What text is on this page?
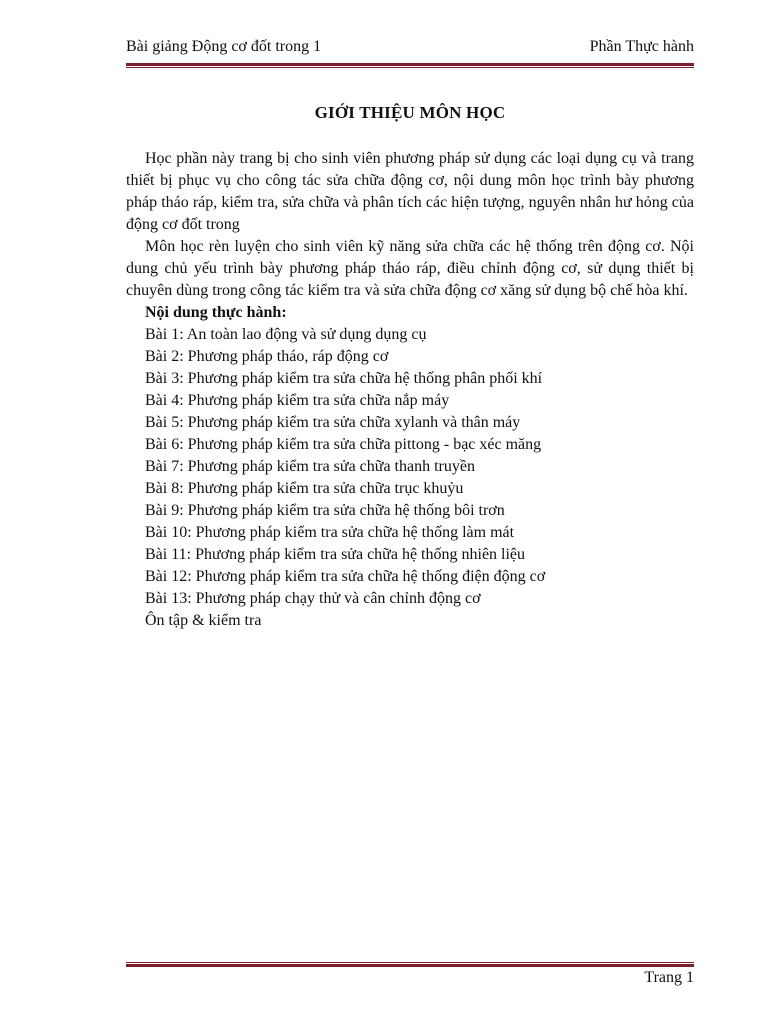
Bài giảng Động cơ đốt trong 1	Phần Thực hành
GIỚI THIỆU MÔN HỌC

Học phần này trang bị cho sinh viên phương pháp sử dụng các loại dụng cụ và trang thiết bị phục vụ cho công tác sửa chữa động cơ, nội dung môn học trình bày phương pháp tháo ráp, kiểm tra, sửa chữa và phân tích các hiện tượng, nguyên nhân hư hỏng của động cơ đốt trong

Môn học rèn luyện cho sinh viên kỹ năng sửa chữa các hệ thống trên động cơ. Nội dung chủ yếu trình bày phương pháp tháo ráp, điều chỉnh động cơ, sử dụng thiết bị chuyên dùng trong công tác kiểm tra và sửa chữa động cơ xăng sử dụng bộ chế hòa khí.

Nội dung thực hành:
Bài 1: An toàn lao động và sử dụng dụng cụ
Bài 2: Phương pháp tháo, ráp động cơ
Bài 3: Phương pháp kiểm tra sửa chữa hệ thống phân phối khí
Bài 4: Phương pháp kiểm tra sửa chữa nắp máy
Bài 5: Phương pháp kiểm tra sửa chữa xylanh và thân máy
Bài 6: Phương pháp kiểm tra sửa chữa pittong - bạc xéc măng
Bài 7: Phương pháp kiểm tra sửa chữa thanh truyền
Bài 8: Phương pháp kiểm tra sửa chữa trục khuỷu
Bài 9: Phương pháp kiểm tra sửa chữa hệ thống bôi trơn
Bài 10: Phương pháp kiểm tra sửa chữa hệ thống làm mát
Bài 11: Phương pháp kiểm tra sửa chữa hệ thống nhiên liệu
Bài 12: Phương pháp kiểm tra sửa chữa hệ thống điện động cơ
Bài 13: Phương pháp chạy thử và cân chỉnh động cơ
Ôn tập & kiểm tra
Trang 1
